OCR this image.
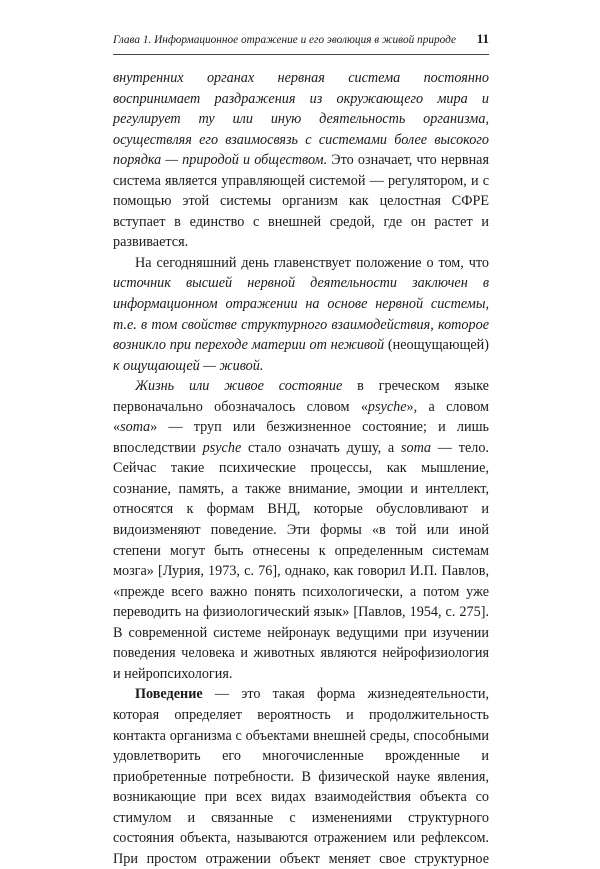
Глава 1. Информационное отражение и его эволюция в живой природе 11

внутренних органах нервная система постоянно воспринимает раздражения из окружающего мира и регулирует ту или иную деятельность организма, осуществляя его взаимосвязь с системами более высокого порядка — природой и обществом. Это означает, что нервная система является управляющей системой — регулятором, и с помощью этой системы организм как целостная СФРЕ вступает в единство с внешней средой, где он растет и развивается.

На сегодняшний день главенствует положение о том, что источник высшей нервной деятельности заключен в информационном отражении на основе нервной системы, т.е. в том свойстве структурного взаимодействия, которое возникло при переходе материи от неживой (неощущающей) к ощущающей — живой.

Жизнь или живое состояние в греческом языке первоначально обозначалось словом «psyche», а словом «soma» — труп или безжизненное состояние; и лишь впоследствии psyche стало означать душу, а soma — тело. Сейчас такие психические процессы, как мышление, сознание, память, а также внимание, эмоции и интеллект, относятся к формам ВНД, которые обусловливают и видоизменяют поведение. Эти формы «в той или иной степени могут быть отнесены к определенным системам мозга» [Лурия, 1973, с. 76], однако, как говорил И.П. Павлов, «прежде всего важно понять психологически, а потом уже переводить на физиологический язык» [Павлов, 1954, с. 275]. В современной системе нейронаук ведущими при изучении поведения человека и животных являются нейрофизиология и нейропсихология.

Поведение — это такая форма жизнедеятельности, которая определяет вероятность и продолжительность контакта организма с объектами внешней среды, способными удовлетворить его многочисленные врожденные и приобретенные потребности. В физической науке явления, возникающие при всех видах взаимодействия объекта со стимулом и связанные с изменениями структурного состояния объекта, называются отражением или рефлексом. При простом отражении объект меняет свое структурное
